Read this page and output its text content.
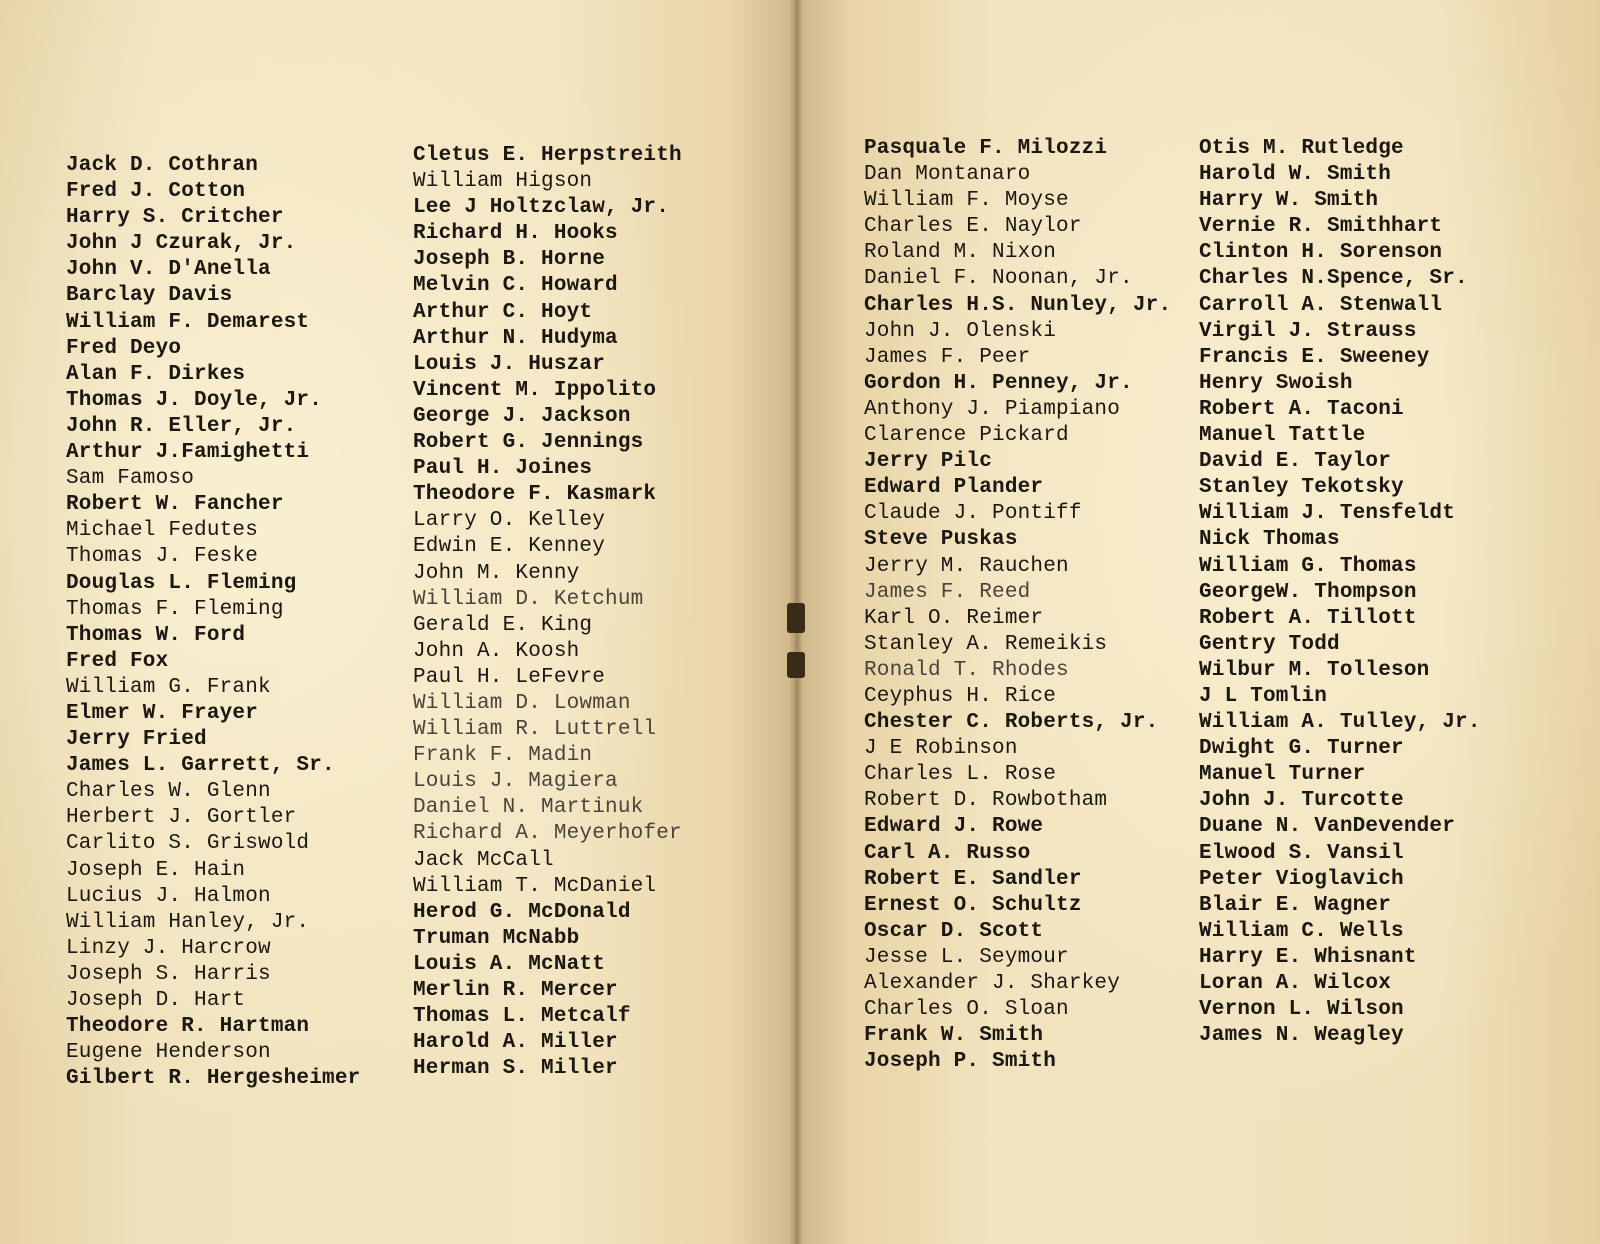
Jack D. Cothran
Fred J. Cotton
Harry S. Critcher
John J Czurak, Jr.
John V. D'Anella
Barclay Davis
William F. Demarest
Fred Deyo
Alan F. Dirkes
Thomas J. Doyle, Jr.
John R. Eller, Jr.
Arthur J.Famighetti
Sam Famoso
Robert W. Fancher
Michael Fedutes
Thomas J. Feske
Douglas L. Fleming
Thomas F. Fleming
Thomas W. Ford
Fred Fox
William G. Frank
Elmer W. Frayer
Jerry Fried
James L. Garrett, Sr.
Charles W. Glenn
Herbert J. Gortler
Carlito S. Griswold
Joseph E. Hain
Lucius J. Halmon
William Hanley, Jr.
Linzy J. Harcrow
Joseph S. Harris
Joseph D. Hart
Theodore R. Hartman
Eugene Henderson
Gilbert R. Hergesheimer
Cletus E. Herpstreith
William Higson
Lee J Holtzclaw, Jr.
Richard H. Hooks
Joseph B. Horne
Melvin C. Howard
Arthur C. Hoyt
Arthur N. Hudyma
Louis J. Huszar
Vincent M. Ippolito
George J. Jackson
Robert G. Jennings
Paul H. Joines
Theodore F. Kasmark
Larry O. Kelley
Edwin E. Kenney
John M. Kenny
William D. Ketchum
Gerald E. King
John A. Koosh
Paul H. LeFevre
William D. Lowman
William R. Luttrell
Frank F. Madin
Louis J. Magiera
Daniel N. Martinuk
Richard A. Meyerhofer
Jack McCall
William T. McDaniel
Herod G. McDonald
Truman McNabb
Louis A. McNatt
Merlin R. Mercer
Thomas L. Metcalf
Harold A. Miller
Herman S. Miller
Pasquale F. Milozzi
Dan Montanaro
William F. Moyse
Charles E. Naylor
Roland M. Nixon
Daniel F. Noonan, Jr.
Charles H.S. Nunley, Jr.
John J. Olenski
James F. Peer
Gordon H. Penney, Jr.
Anthony J. Piampiano
Clarence Pickard
Jerry Pilc
Edward Plander
Claude J. Pontiff
Steve Puskas
Jerry M. Rauchen
James F. Reed
Karl O. Reimer
Stanley A. Remeikis
Ronald T. Rhodes
Ceyphus H. Rice
Chester C. Roberts, Jr.
J E Robinson
Charles L. Rose
Robert D. Rowbotham
Edward J. Rowe
Carl A. Russo
Robert E. Sandler
Ernest O. Schultz
Oscar D. Scott
Jesse L. Seymour
Alexander J. Sharkey
Charles O. Sloan
Frank W. Smith
Joseph P. Smith
Otis M. Rutledge
Harold W. Smith
Harry W. Smith
Vernie R. Smithhart
Clinton H. Sorenson
Charles N.Spence, Sr.
Carroll A. Stenwall
Virgil J. Strauss
Francis E. Sweeney
Henry Swoish
Robert A. Taconi
Manuel Tattle
David E. Taylor
Stanley Tekotsky
William J. Tensfeldt
Nick Thomas
William G. Thomas
GeorgeW. Thompson
Robert A. Tillott
Gentry Todd
Wilbur M. Tolleson
J L Tomlin
William A. Tulley, Jr.
Dwight G. Turner
Manuel Turner
John J. Turcotte
Duane N. VanDevender
Elwood S. Vansil
Peter Vioglavich
Blair E. Wagner
William C. Wells
Harry E. Whisnant
Loran A. Wilcox
Vernon L. Wilson
James N. Weagley
